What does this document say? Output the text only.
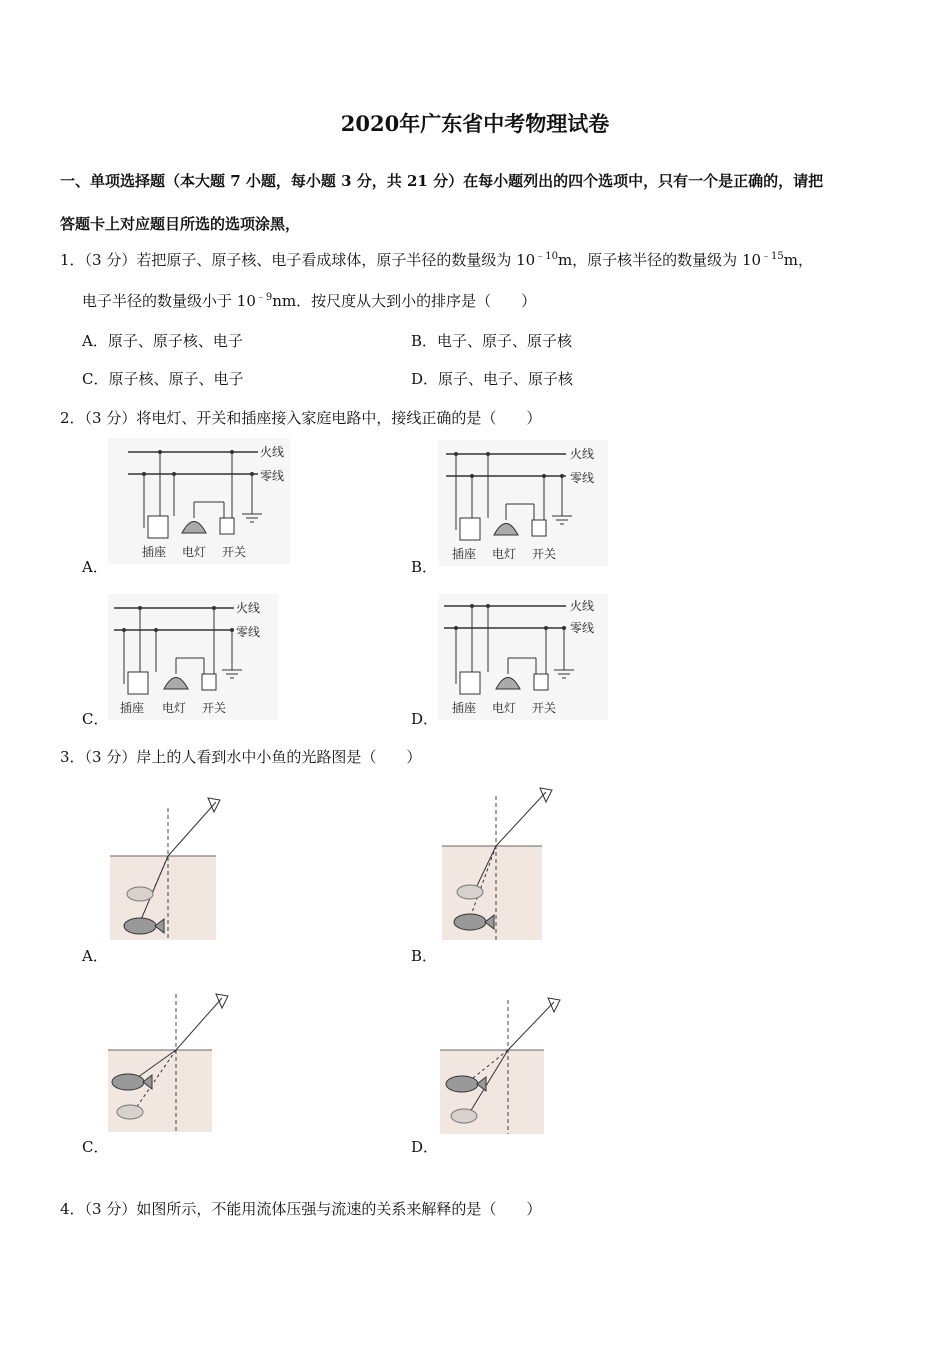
2020年广东省中考物理试卷
一、单项选择题（本大题 7 小题，每小题 3 分，共 21 分）在每小题列出的四个选项中，只有一个是正确的，请把
答题卡上对应题目所选的选项涂黑，
1．（3 分）若把原子、原子核、电子看成球体，原子半径的数量级为 $10^{﹣10}m$，原子核半径的数量级为 $10^{﹣15}m$，
电子半径的数量级小于 $10^{﹣9}nm$．按尺度从大到小的排序是（　　）
A．原子、原子核、电子	B．电子、原子、原子核
C．原子核、原子、电子	D．原子、电子、原子核
2．（3 分）将电灯、开关和插座接入家庭电路中，接线正确的是（　　）
A．	B．
C．	D．
火线
零线
插座 电灯 开关
火线
零线
插座 电灯 开关
火线
零线
插座 电灯 开关
火线
零线
插座 电灯 开关
3．（3 分）岸上的人看到水中小鱼的光路图是（　　）
A．	B．
C．	D．
4．（3 分）如图所示，不能用流体压强与流速的关系来解释的是（　　）
